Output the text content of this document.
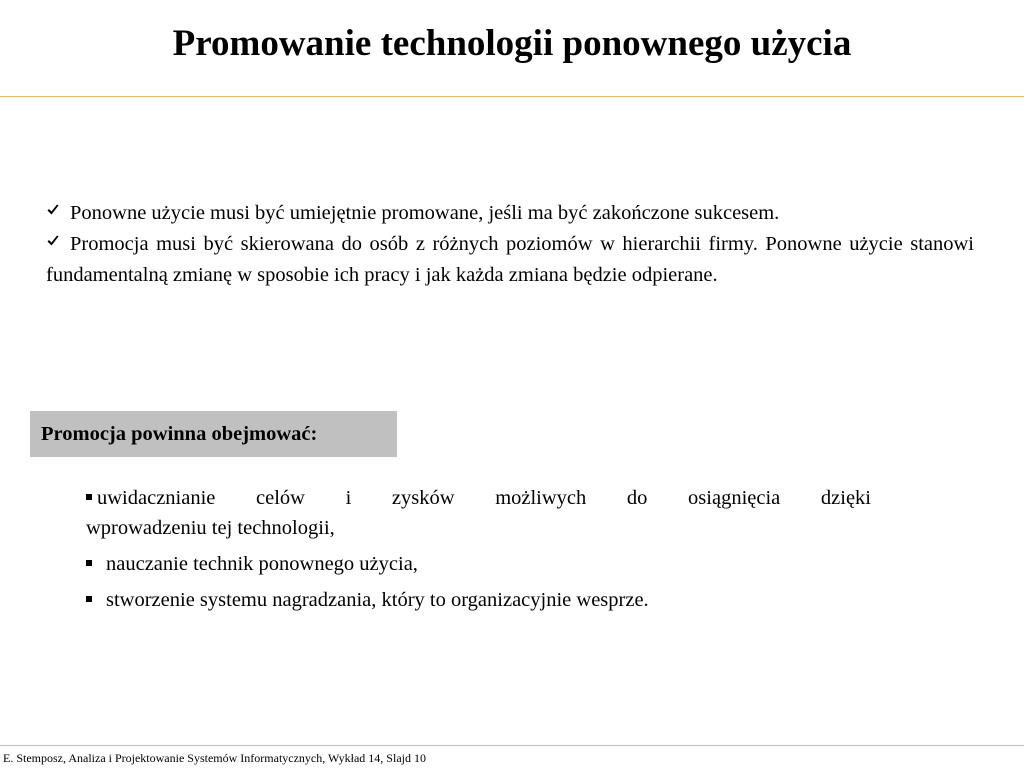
Promowanie technologii ponownego użycia

Ponowne użycie musi być umiejętnie promowane, jeśli ma być zakończone sukcesem.

Promocja musi być skierowana do osób z różnych poziomów w hierarchii firmy. Ponowne użycie stanowi fundamentalną zmianę w sposobie ich pracy i jak każda zmiana będzie odpierane.

Promocja powinna obejmować:
uwidacznianie celów i zysków możliwych do osiągnięcia dzięki
wprowadzeniu tej technologii,
nauczanie technik ponownego użycia,
stworzenie systemu nagradzania, który to organizacyjnie wesprze.
E. Stemposz, Analiza i Projektowanie Systemów Informatycznych, Wykład 14, Slajd 10
